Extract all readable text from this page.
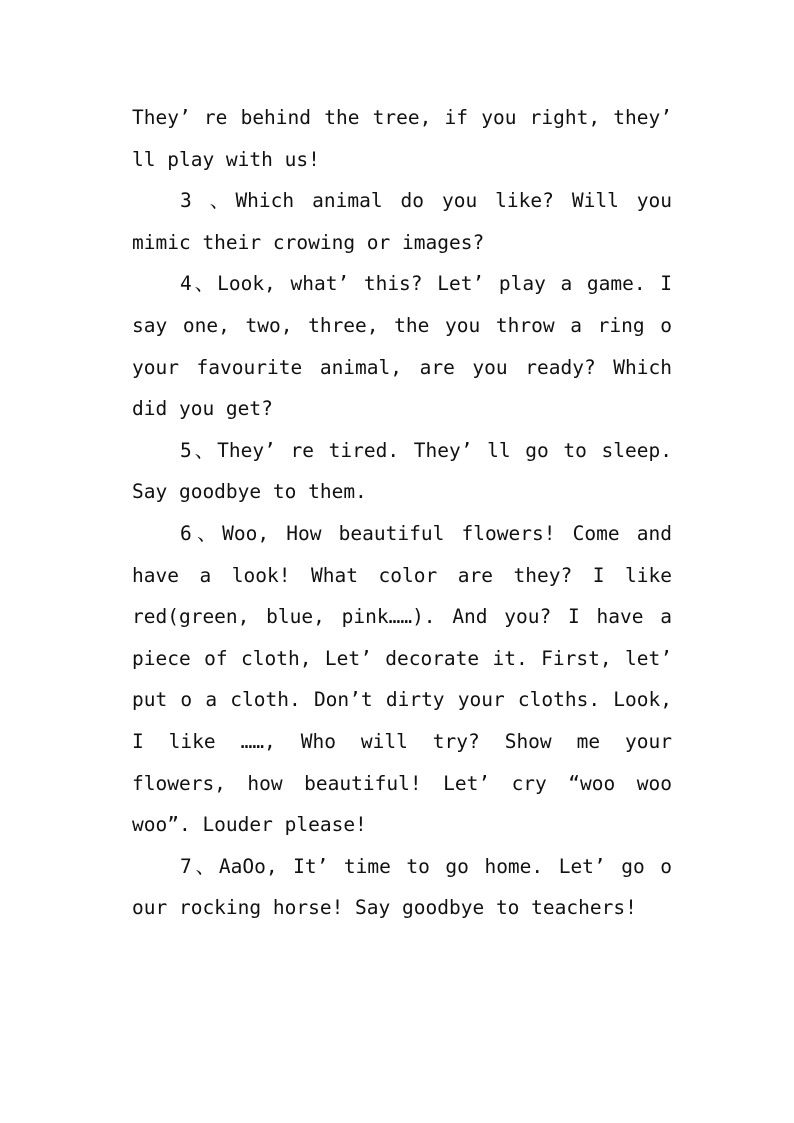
They’ re behind the tree, if you right, they’ ll play with us!

3 、Which animal do you like? Will you mimic their crowing or images?

4、Look, what’ this? Let’ play a game. I say one, two, three, the you throw a ring o your favourite animal, are you ready? Which did you get?

5、They’ re tired. They’ ll go to sleep. Say goodbye to them.

6、Woo, How beautiful flowers! Come and have a look! What color are they? I like red(green, blue, pink……). And you? I have a piece of cloth, Let’ decorate it. First, let’ put o a cloth. Don’t dirty your cloths. Look, I like ……, Who will try? Show me your flowers, how beautiful! Let’ cry “woo woo woo”. Louder please!

7、AaOo, It’ time to go home. Let’ go o our rocking horse! Say goodbye to teachers!
